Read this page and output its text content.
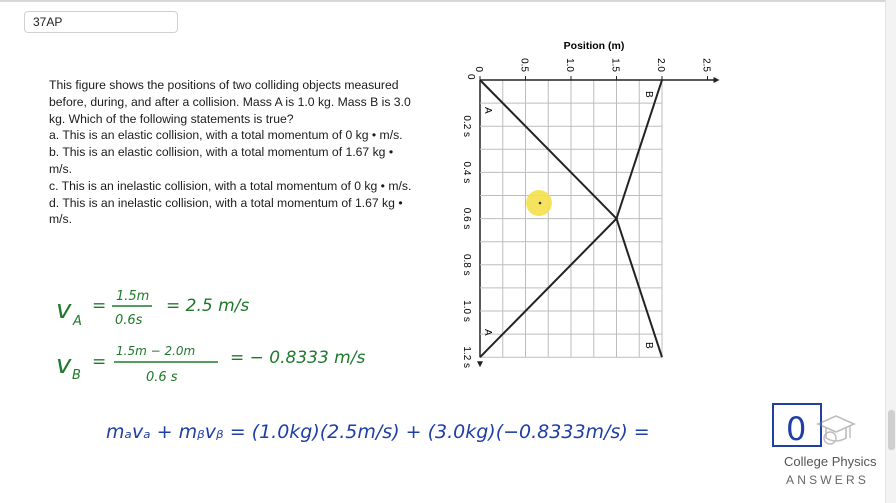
37AP

This figure shows the positions of two colliding objects measured before, during, and after a collision. Mass A is 1.0 kg. Mass B is 3.0 kg. Which of the following statements is true?

a. This is an elastic collision, with a total momentum of 0 kg • m/s.

b. This is an elastic collision, with a total momentum of 1.67 kg • m/s.

c. This is an inelastic collision, with a total momentum of 0 kg • m/s.

d. This is an inelastic collision, with a total momentum of 1.67 kg • m/s.

Position (m)
0	0.5	1.0	1.5	2.0	2.5
0.2 s
0.4 s
0.6 s
0.8 s
1.0 s
1.2 s
0
A
B
A
B
v A
= 1.5m
0.6s
= 2.5 m/s
v B
=
1.5m − 2.0m
0.6 s
= − 0.8333 m/s
mₐvₐ + mᵦvᵦ = (1.0kg)(2.5m/s) + (3.0kg)(−0.8333m/s) =	0
College Physics
ANSWERS
